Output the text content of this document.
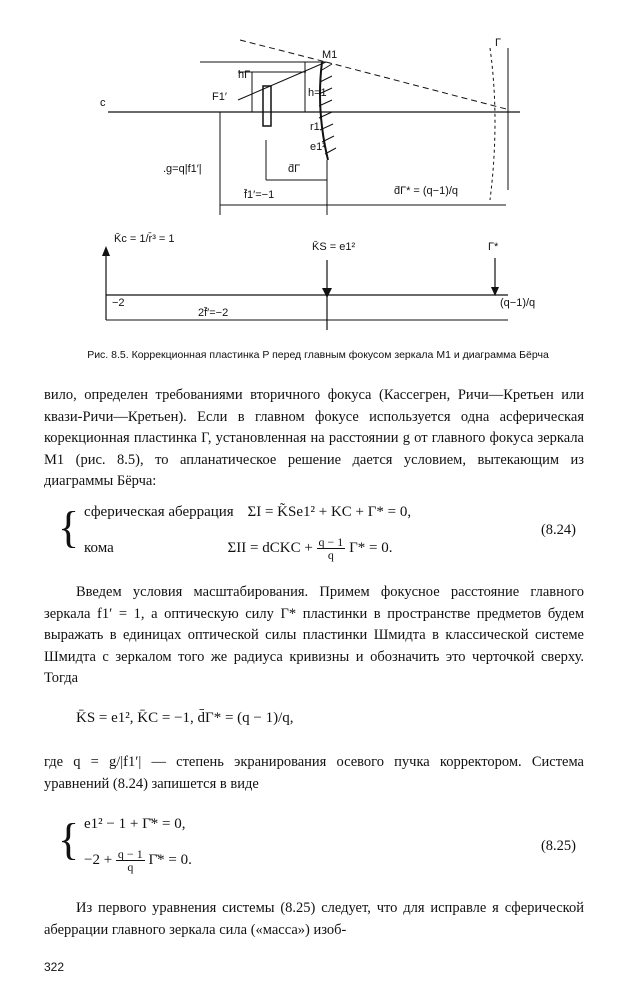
M1
Г
c	F1′
hГ
h=1
r1
e1²
.g=q|f1′|	d̄Г
f̄1′=−1	d̄Г* = (q−1)/q
K̄c = 1/r̄³ = 1
K̄S = e1²	Г*
−2
2f̄′=−2
(q−1)/q
Рис. 8.5. Коррекционная пластинка P перед главным фокусом зеркала M1 и диаграмма Бёрча
вило, определен требованиями вторичного фокуса (Кассегрен, Ричи—Кретьен или квази-Ричи—Кретьен). Если в главном фокусе используется одна асферическая корекционная пластинка Г, установленная на расстоянии g от главного фокуса зеркала M1 (рис. 8.5), то апланатическое решение дается условием, вытекающим из диаграммы Бёрча:
{ сферическая аберрация ΣI = K̃Se1² + KC + Г* = 0,
кома	ΣII = dCKC + $\frac{q - 1}{q} Г* = 0$.
(8.24)
Введем условия масштабирования. Примем фокусное расстояние главного зеркала f1′ = 1, а оптическую силу Г* пластинки в пространстве предметов будем выражать в единицах оптической силы пластинки Шмидта в классической системе Шмидта с зеркалом того же радиуса кривизны и обозначить это черточкой сверху. Тогда
K̄S = e1², K̄C = −1, d̄Г* = (q − 1)/q,
где q = g/|f1′| — степень экранирования осевого пучка корректором. Система уравнений (8.24) запишется в виде
{ e1² − 1 + Г̄* = 0,
$-2 + \frac{q - 1}{q}$ Г̄* = 0.
(8.25)
Из первого уравнения системы (8.25) следует, что для исправле я сферической аберрации главного зеркала сила («масса») изоб-
322
